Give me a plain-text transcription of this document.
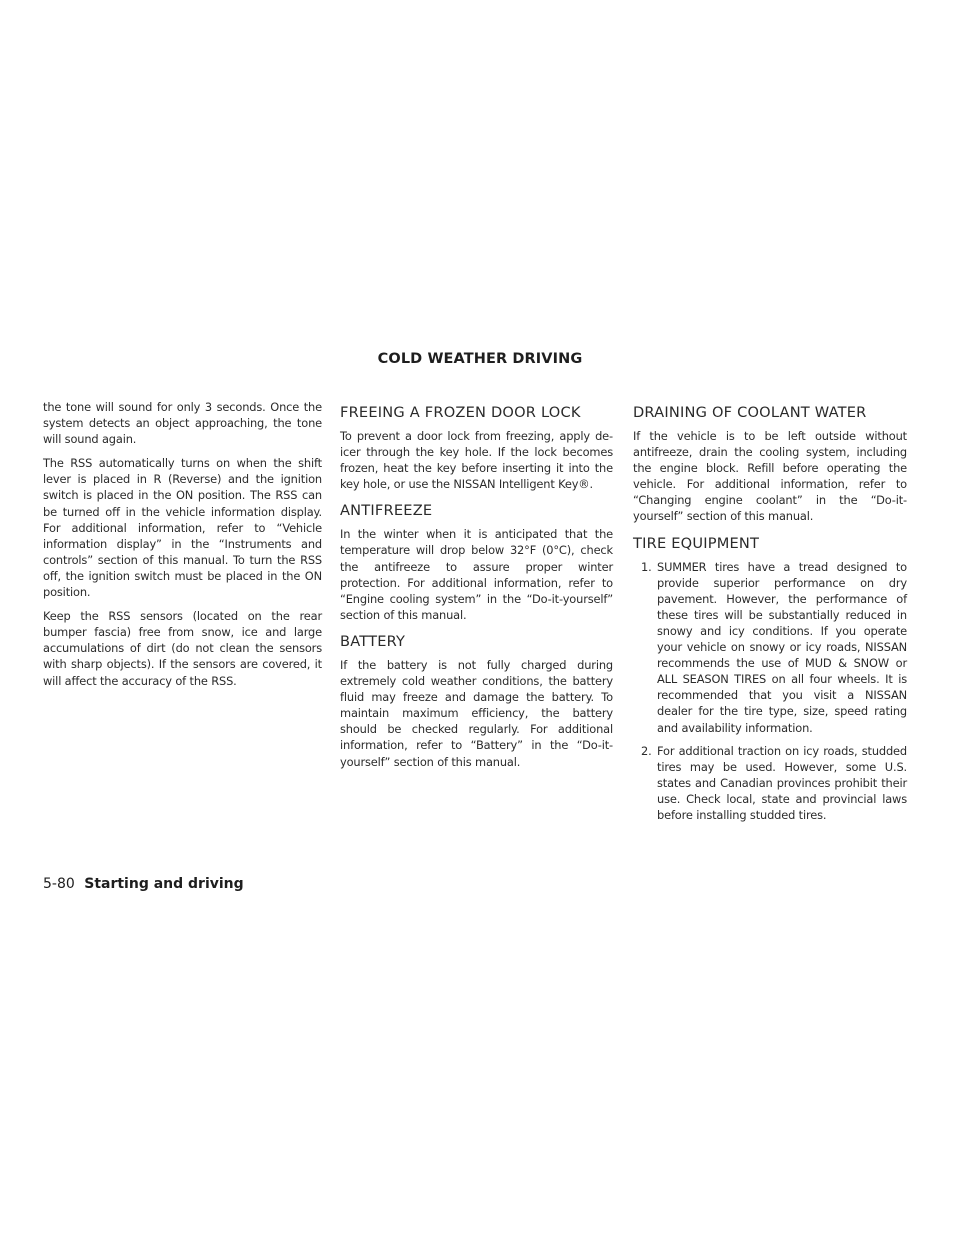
COLD WEATHER DRIVING

the tone will sound for only 3 seconds. Once the system detects an object approaching, the tone will sound again.

The RSS automatically turns on when the shift lever is placed in R (Reverse) and the ignition switch is placed in the ON position. The RSS can be turned off in the vehicle information display. For additional information, refer to “Vehicle information display” in the “Instruments and controls” section of this manual. To turn the RSS off, the ignition switch must be placed in the ON position.

Keep the RSS sensors (located on the rear bumper fascia) free from snow, ice and large accumulations of dirt (do not clean the sensors with sharp objects). If the sensors are covered, it will affect the accuracy of the RSS.

FREEING A FROZEN DOOR LOCK

To prevent a door lock from freezing, apply de-icer through the key hole. If the lock becomes frozen, heat the key before inserting it into the key hole, or use the NISSAN Intelligent Key®.

ANTIFREEZE

In the winter when it is anticipated that the temperature will drop below 32°F (0°C), check the antifreeze to assure proper winter protection. For additional information, refer to “Engine cooling system” in the “Do-it-yourself” section of this manual.

BATTERY

If the battery is not fully charged during extremely cold weather conditions, the battery fluid may freeze and damage the battery. To maintain maximum efficiency, the battery should be checked regularly. For additional information, refer to “Battery” in the “Do-it-yourself” section of this manual.

DRAINING OF COOLANT WATER

If the vehicle is to be left outside without antifreeze, drain the cooling system, including the engine block. Refill before operating the vehicle. For additional information, refer to “Changing engine coolant” in the “Do-it-yourself” section of this manual.

TIRE EQUIPMENT
1. SUMMER tires have a tread designed to provide superior performance on dry pavement. However, the performance of these tires will be substantially reduced in snowy and icy conditions. If you operate your vehicle on snowy or icy roads, NISSAN recommends the use of MUD & SNOW or ALL SEASON TIRES on all four wheels. It is recommended that you visit a NISSAN dealer for the tire type, size, speed rating and availability information.
2. For additional traction on icy roads, studded tires may be used. However, some U.S. states and Canadian provinces prohibit their use. Check local, state and provincial laws before installing studded tires.
5-80 Starting and driving
